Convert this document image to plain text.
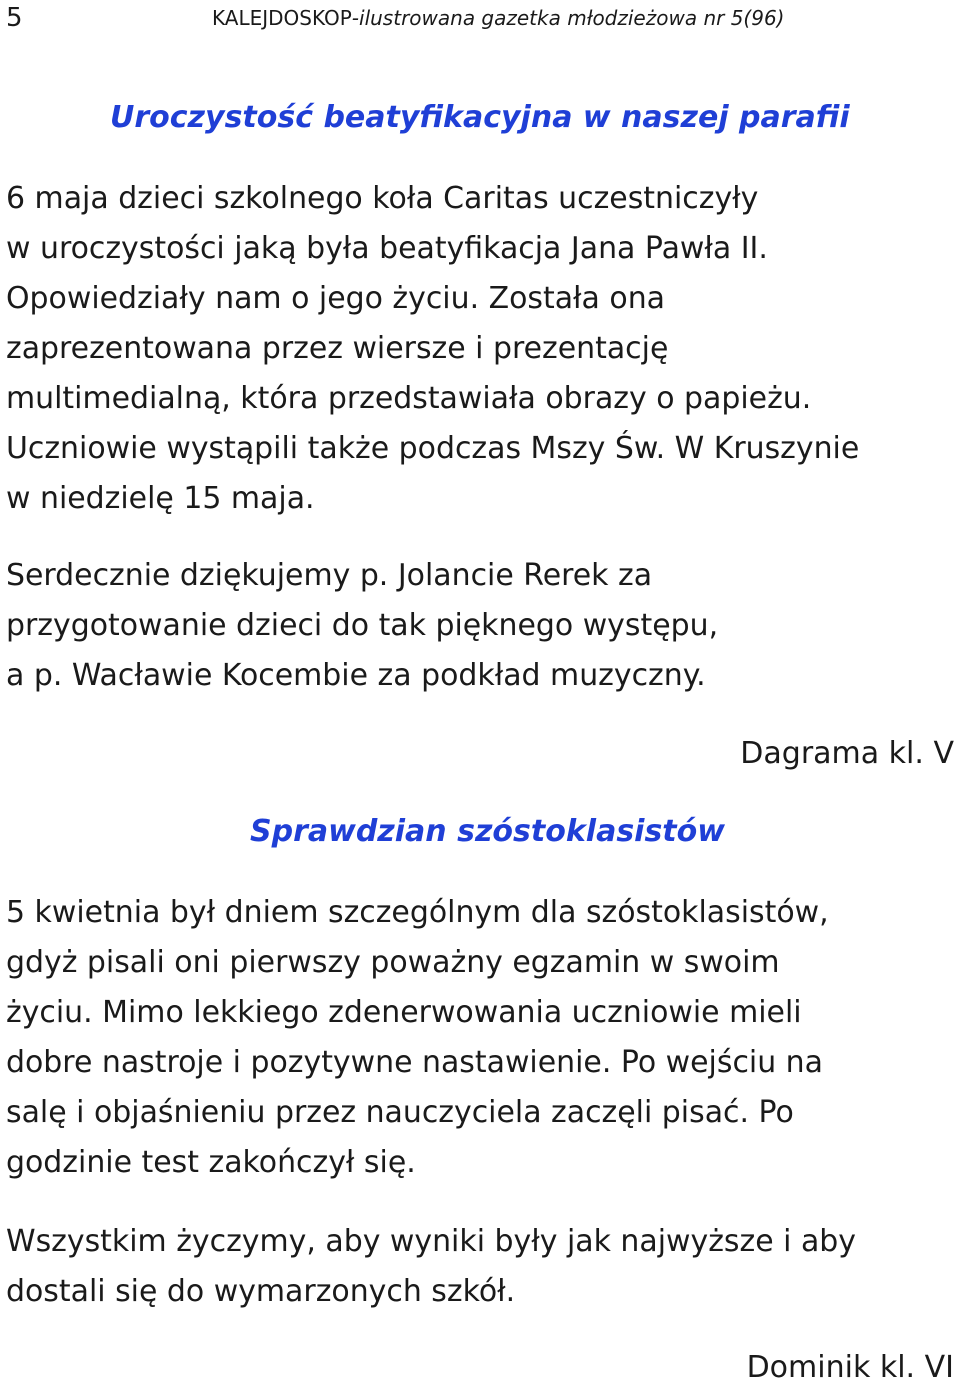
5	KALEJDOSKOP-ilustrowana gazetka młodzieżowa nr 5(96)
Uroczystość beatyfikacyjna w naszej parafii

6 maja dzieci szkolnego koła Caritas uczestniczyły
w uroczystości jaką była beatyfikacja Jana Pawła II.
Opowiedziały nam o jego życiu. Została ona
zaprezentowana przez wiersze i prezentację
multimedialną, która przedstawiała obrazy o papieżu.
Uczniowie wystąpili także podczas Mszy Św. W Kruszynie
w niedzielę 15 maja.

Serdecznie dziękujemy p. Jolancie Rerek za
przygotowanie dzieci do tak pięknego występu,
a p. Wacławie Kocembie za podkład muzyczny.

Dagrama kl. V
Sprawdzian szóstoklasistów

5 kwietnia był dniem szczególnym dla szóstoklasistów,
gdyż pisali oni pierwszy poważny egzamin w swoim
życiu. Mimo lekkiego zdenerwowania uczniowie mieli
dobre nastroje i pozytywne nastawienie. Po wejściu na
salę i objaśnieniu przez nauczyciela zaczęli pisać. Po
godzinie test zakończył się.

Wszystkim życzymy, aby wyniki były jak najwyższe i aby
dostali się do wymarzonych szkół.

Dominik kl. VI
